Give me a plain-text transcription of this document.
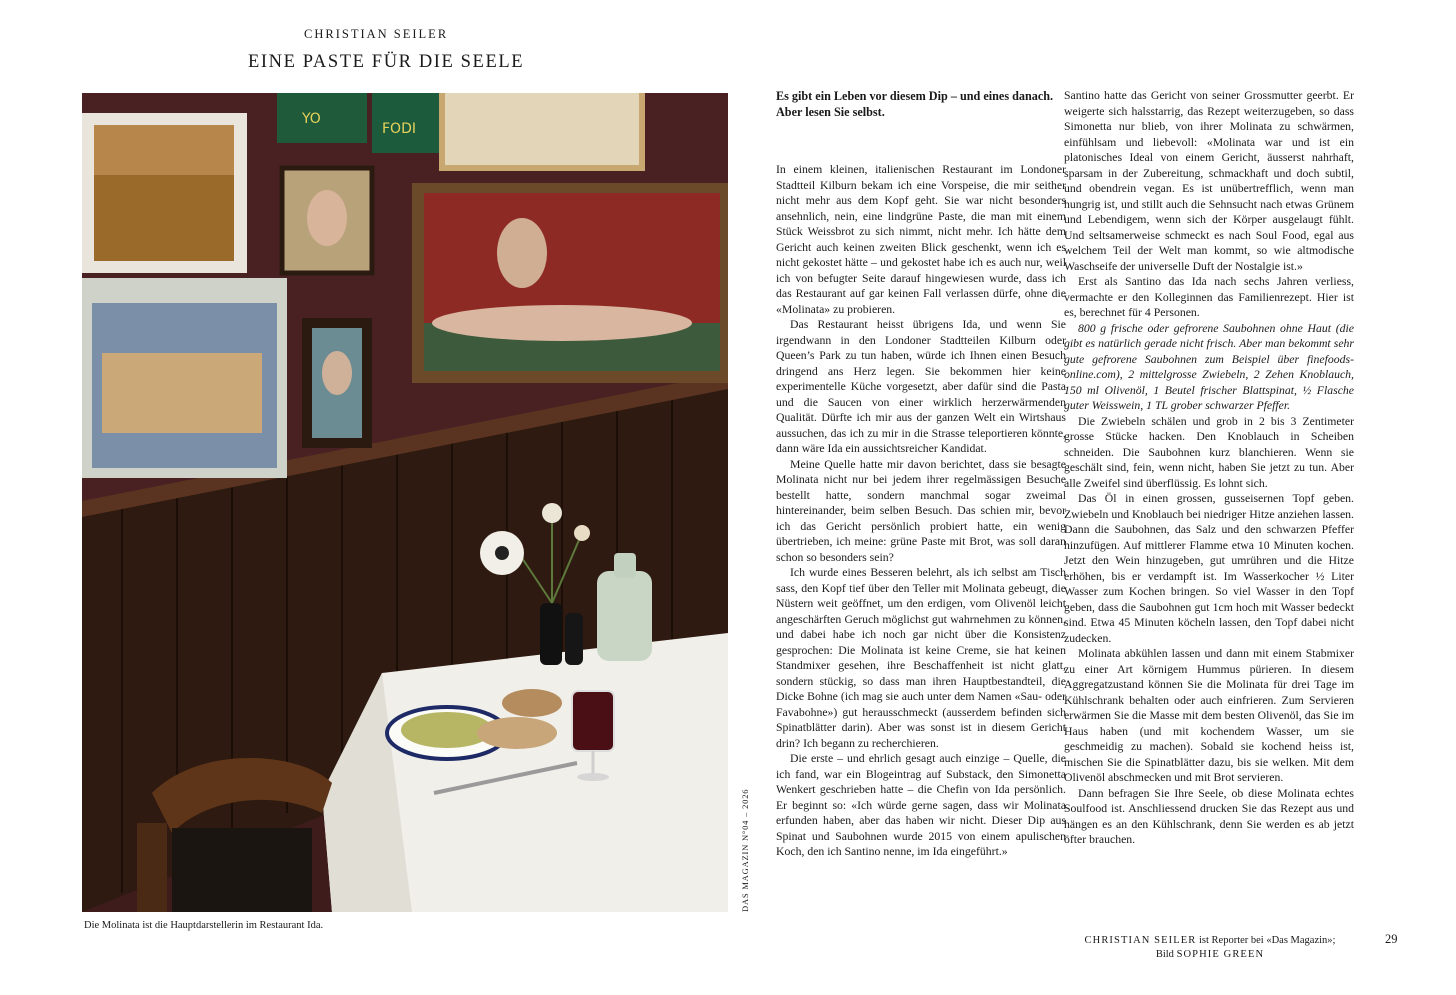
CHRISTIAN SEILER
EINE PASTE FÜR DIE SEELE
YO
FODI
Die Molinata ist die Hauptdarstellerin im Restaurant Ida.
DAS MAGAZIN N°04 – 2026

Es gibt ein Leben vor diesem Dip – und eines danach. Aber lesen Sie selbst.

In einem kleinen, italienischen Restaurant im Londoner Stadtteil Kilburn bekam ich eine Vorspeise, die mir seither nicht mehr aus dem Kopf geht. Sie war nicht besonders ansehnlich, nein, eine lindgrüne Paste, die man mit einem Stück Weissbrot zu sich nimmt, nicht mehr. Ich hätte dem Gericht auch keinen zweiten Blick geschenkt, wenn ich es nicht gekostet hätte – und gekostet habe ich es auch nur, weil ich von befugter Seite darauf hingewiesen wurde, dass ich das Restaurant auf gar keinen Fall verlassen dürfe, ohne die «Molinata» zu probieren.

Das Restaurant heisst übrigens Ida, und wenn Sie irgendwann in den Londoner Stadtteilen Kilburn oder Queen’s Park zu tun haben, würde ich Ihnen einen Besuch dringend ans Herz legen. Sie bekommen hier keine experimentelle Küche vorgesetzt, aber dafür sind die Pasta und die Saucen von einer wirklich herzerwärmenden Qualität. Dürfte ich mir aus der ganzen Welt ein Wirtshaus aussuchen, das ich zu mir in die Strasse teleportieren könnte, dann wäre Ida ein aussichtsreicher Kandidat.

Meine Quelle hatte mir davon berichtet, dass sie besagte Molinata nicht nur bei jedem ihrer regelmässigen Besuche bestellt hatte, sondern manchmal sogar zweimal hintereinander, beim selben Besuch. Das schien mir, bevor ich das Gericht persönlich probiert hatte, ein wenig übertrieben, ich meine: grüne Paste mit Brot, was soll daran schon so besonders sein?

Ich wurde eines Besseren belehrt, als ich selbst am Tisch sass, den Kopf tief über den Teller mit Molinata gebeugt, die Nüstern weit geöffnet, um den erdigen, vom Olivenöl leicht angeschärften Geruch möglichst gut wahrnehmen zu können, und dabei habe ich noch gar nicht über die Konsistenz gesprochen: Die Molinata ist keine Creme, sie hat keinen Standmixer gesehen, ihre Beschaffenheit ist nicht glatt, sondern stückig, so dass man ihren Hauptbestandteil, die Dicke Bohne (ich mag sie auch unter dem Namen «Sau- oder Favabohne») gut herausschmeckt (ausserdem befinden sich Spinatblätter darin). Aber was sonst ist in diesem Gericht drin? Ich begann zu recherchieren.

Die erste – und ehrlich gesagt auch einzige – Quelle, die ich fand, war ein Blogeintrag auf Substack, den Simonetta Wenkert geschrieben hatte – die Chefin von Ida persönlich. Er beginnt so: «Ich würde gerne sagen, dass wir Molinata erfunden haben, aber das haben wir nicht. Dieser Dip aus Spinat und Saubohnen wurde 2015 von einem apulischen Koch, den ich Santino nenne, im Ida eingeführt.»

Santino hatte das Gericht von seiner Grossmutter geerbt. Er weigerte sich halsstarrig, das Rezept weiterzugeben, so dass Simonetta nur blieb, von ihrer Molinata zu schwärmen, einfühlsam und liebevoll: «Molinata war und ist ein platonisches Ideal von einem Gericht, äusserst nahrhaft, sparsam in der Zubereitung, schmackhaft und doch subtil, und obendrein vegan. Es ist unübertrefflich, wenn man hungrig ist, und stillt auch die Sehnsucht nach etwas Grünem und Lebendigem, wenn sich der Körper ausgelaugt fühlt. Und seltsamerweise schmeckt es nach Soul Food, egal aus welchem Teil der Welt man kommt, so wie altmodische Waschseife der universelle Duft der Nostalgie ist.»

Erst als Santino das Ida nach sechs Jahren verliess, vermachte er den Kolleginnen das Familienrezept. Hier ist es, berechnet für 4 Personen.

800 g frische oder gefrorene Saubohnen ohne Haut (die gibt es natürlich gerade nicht frisch. Aber man bekommt sehr gute gefrorene Saubohnen zum Beispiel über finefoods-online.com), 2 mittelgrosse Zwiebeln, 2 Zehen Knoblauch, 150 ml Olivenöl, 1 Beutel frischer Blattspinat, ½ Flasche guter Weisswein, 1 TL grober schwarzer Pfeffer.

Die Zwiebeln schälen und grob in 2 bis 3 Zentimeter grosse Stücke hacken. Den Knoblauch in Scheiben schneiden. Die Saubohnen kurz blanchieren. Wenn sie geschält sind, fein, wenn nicht, haben Sie jetzt zu tun. Aber alle Zweifel sind überflüssig. Es lohnt sich.

Das Öl in einen grossen, gusseisernen Topf geben. Zwiebeln und Knoblauch bei niedriger Hitze anziehen lassen. Dann die Saubohnen, das Salz und den schwarzen Pfeffer hinzufügen. Auf mittlerer Flamme etwa 10 Minuten kochen. Jetzt den Wein hinzugeben, gut umrühren und die Hitze erhöhen, bis er verdampft ist. Im Wasserkocher ½ Liter Wasser zum Kochen bringen. So viel Wasser in den Topf geben, dass die Saubohnen gut 1cm hoch mit Wasser bedeckt sind. Etwa 45 Minuten köcheln lassen, den Topf dabei nicht zudecken.

Molinata abkühlen lassen und dann mit einem Stabmixer zu einer Art körnigem Hummus pürieren. In diesem Aggregatzustand können Sie die Molinata für drei Tage im Kühlschrank behalten oder auch einfrieren. Zum Servieren erwärmen Sie die Masse mit dem besten Olivenöl, das Sie im Haus haben (und mit kochendem Wasser, um sie geschmeidig zu machen). Sobald sie kochend heiss ist, mischen Sie die Spinatblätter dazu, bis sie welken. Mit dem Olivenöl abschmecken und mit Brot servieren.

Dann befragen Sie Ihre Seele, ob diese Molinata echtes Soulfood ist. Anschliessend drucken Sie das Rezept aus und hängen es an den Kühlschrank, denn Sie werden es ab jetzt öfter brauchen.

CHRISTIAN SEILER ist Reporter bei «Das Magazin»;
Bild SOPHIE GREEN
29
